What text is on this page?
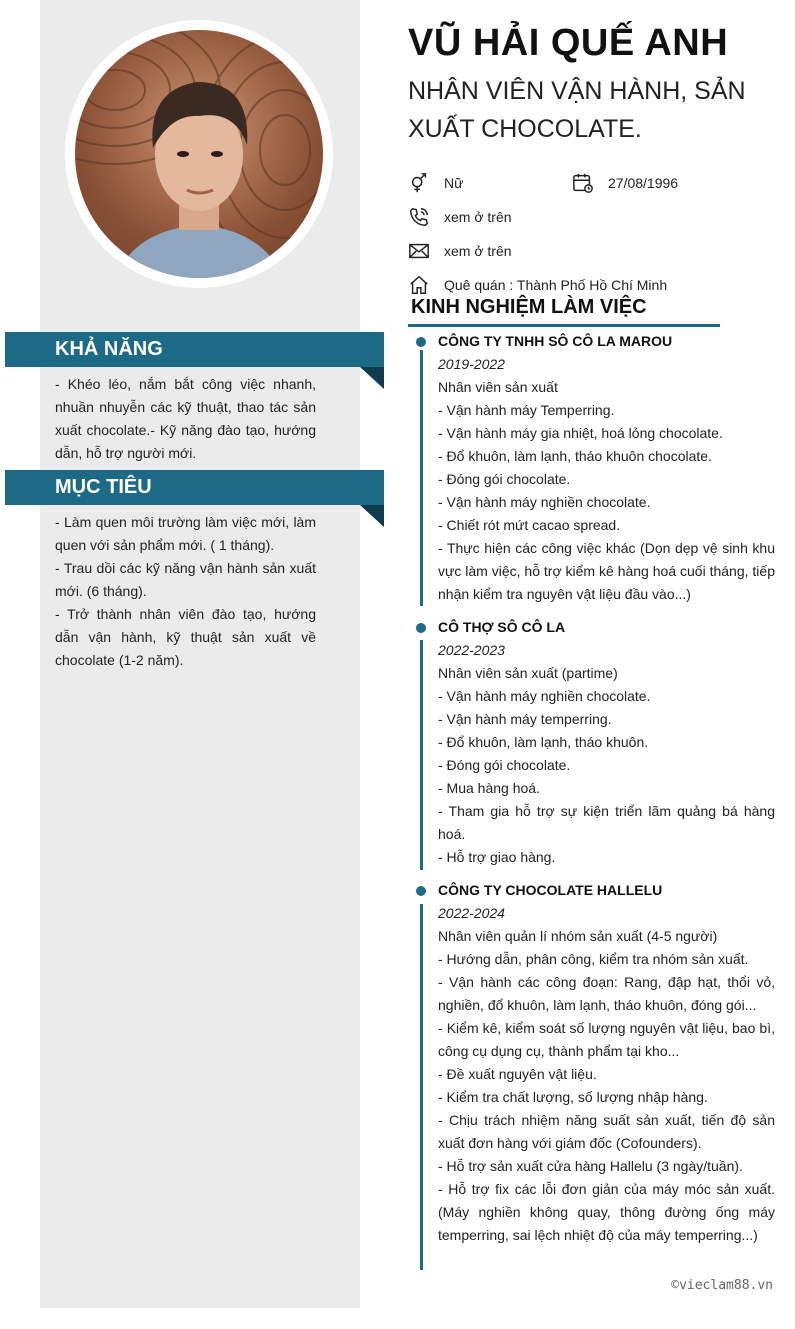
KHẢ NĂNG

- Khéo léo, nắm bắt công việc nhanh, nhuần nhuyễn các kỹ thuật, thao tác sản xuất chocolate.- Kỹ năng đào tạo, hướng dẫn, hỗ trợ người mới.

MỤC TIÊU

- Làm quen môi trường làm việc mới, làm quen với sản phẩm mới. ( 1 tháng).

- Trau dồi các kỹ năng vận hành sản xuất mới. (6 tháng).

- Trở thành nhân viên đào tạo, hướng dẫn vận hành, kỹ thuật sản xuất về chocolate (1-2 năm).

VŨ HẢI QUẾ ANH
NHÂN VIÊN VẬN HÀNH, SẢN XUẤT CHOCOLATE.
Nữ	27/08/1996
xem ở trên
xem ở trên
Quê quán : Thành Phố Hồ Chí Minh
KINH NGHIỆM LÀM VIỆC
CÔNG TY TNHH SÔ CÔ LA MAROU
2019-2022
Nhân viên sản xuất
- Vận hành máy Temperring.
- Vận hành máy gia nhiệt, hoá lỏng chocolate.
- Đổ khuôn, làm lạnh, tháo khuôn chocolate.
- Đóng gói chocolate.
- Vận hành máy nghiền chocolate.
- Chiết rót mứt cacao spread.
- Thực hiện các công việc khác (Dọn dẹp vệ sinh khu vực làm việc, hỗ trợ kiểm kê hàng hoá cuối tháng, tiếp nhận kiểm tra nguyên vật liệu đầu vào...)
CÔ THỢ SÔ CÔ LA
2022-2023
Nhân viên sản xuất (partime)
- Vận hành máy nghiền chocolate.
- Vận hành máy temperring.
- Đổ khuôn, làm lạnh, tháo khuôn.
- Đóng gói chocolate.
- Mua hàng hoá.
- Tham gia hỗ trợ sự kiện triển lãm quảng bá hàng hoá.
- Hỗ trợ giao hàng.
CÔNG TY CHOCOLATE HALLELU
2022-2024
Nhân viên quản lí nhóm sản xuất (4-5 người)
- Hướng dẫn, phân công, kiểm tra nhóm sản xuất.
- Vận hành các công đoạn: Rang, đập hạt, thổi vỏ, nghiền, đổ khuôn, làm lạnh, tháo khuôn, đóng gói...
- Kiểm kê, kiểm soát số lượng nguyên vật liệu, bao bì, công cụ dụng cụ, thành phẩm tại kho...
- Đề xuất nguyên vật liệu.
- Kiểm tra chất lượng, số lượng nhập hàng.
- Chịu trách nhiệm năng suất sản xuất, tiến độ sản xuất đơn hàng với giám đốc (Cofounders).
- Hỗ trợ sản xuất cửa hàng Hallelu (3 ngày/tuần).
- Hỗ trợ fix các lỗi đơn giản của máy móc sản xuất. (Máy nghiền không quay, thông đường ống máy temperring, sai lệch nhiệt độ của máy temperring...)
©vieclam88.vn
